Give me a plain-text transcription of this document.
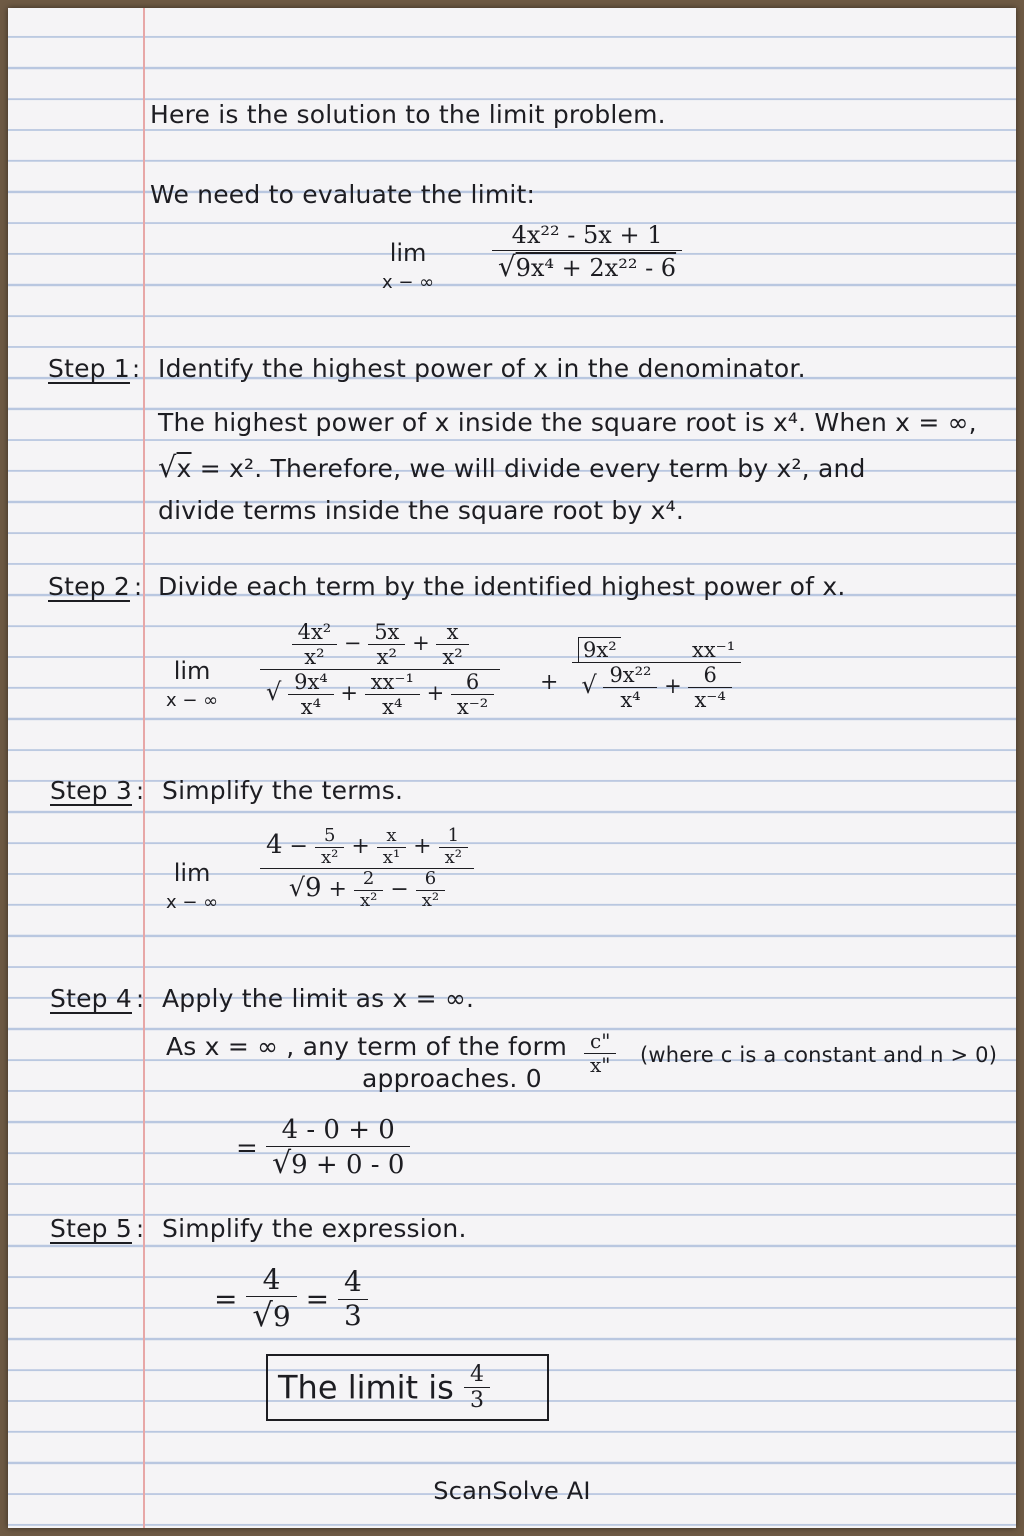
Here is the solution to the limit problem.
We need to evaluate the limit:
lim
x − ∞
$\frac{\text{4x²² - 5x + 1}}{\text{√9x⁴ + 2x²² - 6}}$
Step 1 : Identify the highest power of x in the denominator.
The highest power of x inside the square root is x⁴. When x = ∞,
√x = x². Therefore, we will divide every term by x², and
divide terms inside the square root by x⁴.
Step 2 : Divide each term by the identified highest power of x.
lim
x − ∞
$\frac{\text{4x²}}{\text{x²}} - \frac{5x}{\text{x²}} + \frac{x}{\text{x²}}$
√ $\frac{\text{9x⁴}}{\text{x⁴}} + \frac{\text{xx⁻¹}}{\text{x⁴}} + \frac{6}{\text{x⁻²}} + 9x^2$	xx⁻¹
√ $\frac{\text{9x²²}}{\text{x⁴}} + \frac{6}{\text{x⁻⁴}}$
Step 3 : Simplify the terms.
lim
x − ∞
$4 - \frac{5}{\text{x²}} + \frac{x}{\text{x¹}} + \frac{1}{\text{x²}}$
$√9 + \frac{2}{\text{x²}} - \frac{6}{\text{x²}}$
Step 4 : Apply the limit as x = ∞.
As x = ∞ , any term of the form $\frac{c"}{x"}$ (where c is a constant and n > 0)
approaches. 0
= $\frac{4 - 0 + 0}{√9 + 0 - 0}$
Step 5 : Simplify the expression.
= $\frac{4}{√9} = \frac{4}{3}$
The limit is $\frac{4}{3}$
ScanSolve AI
